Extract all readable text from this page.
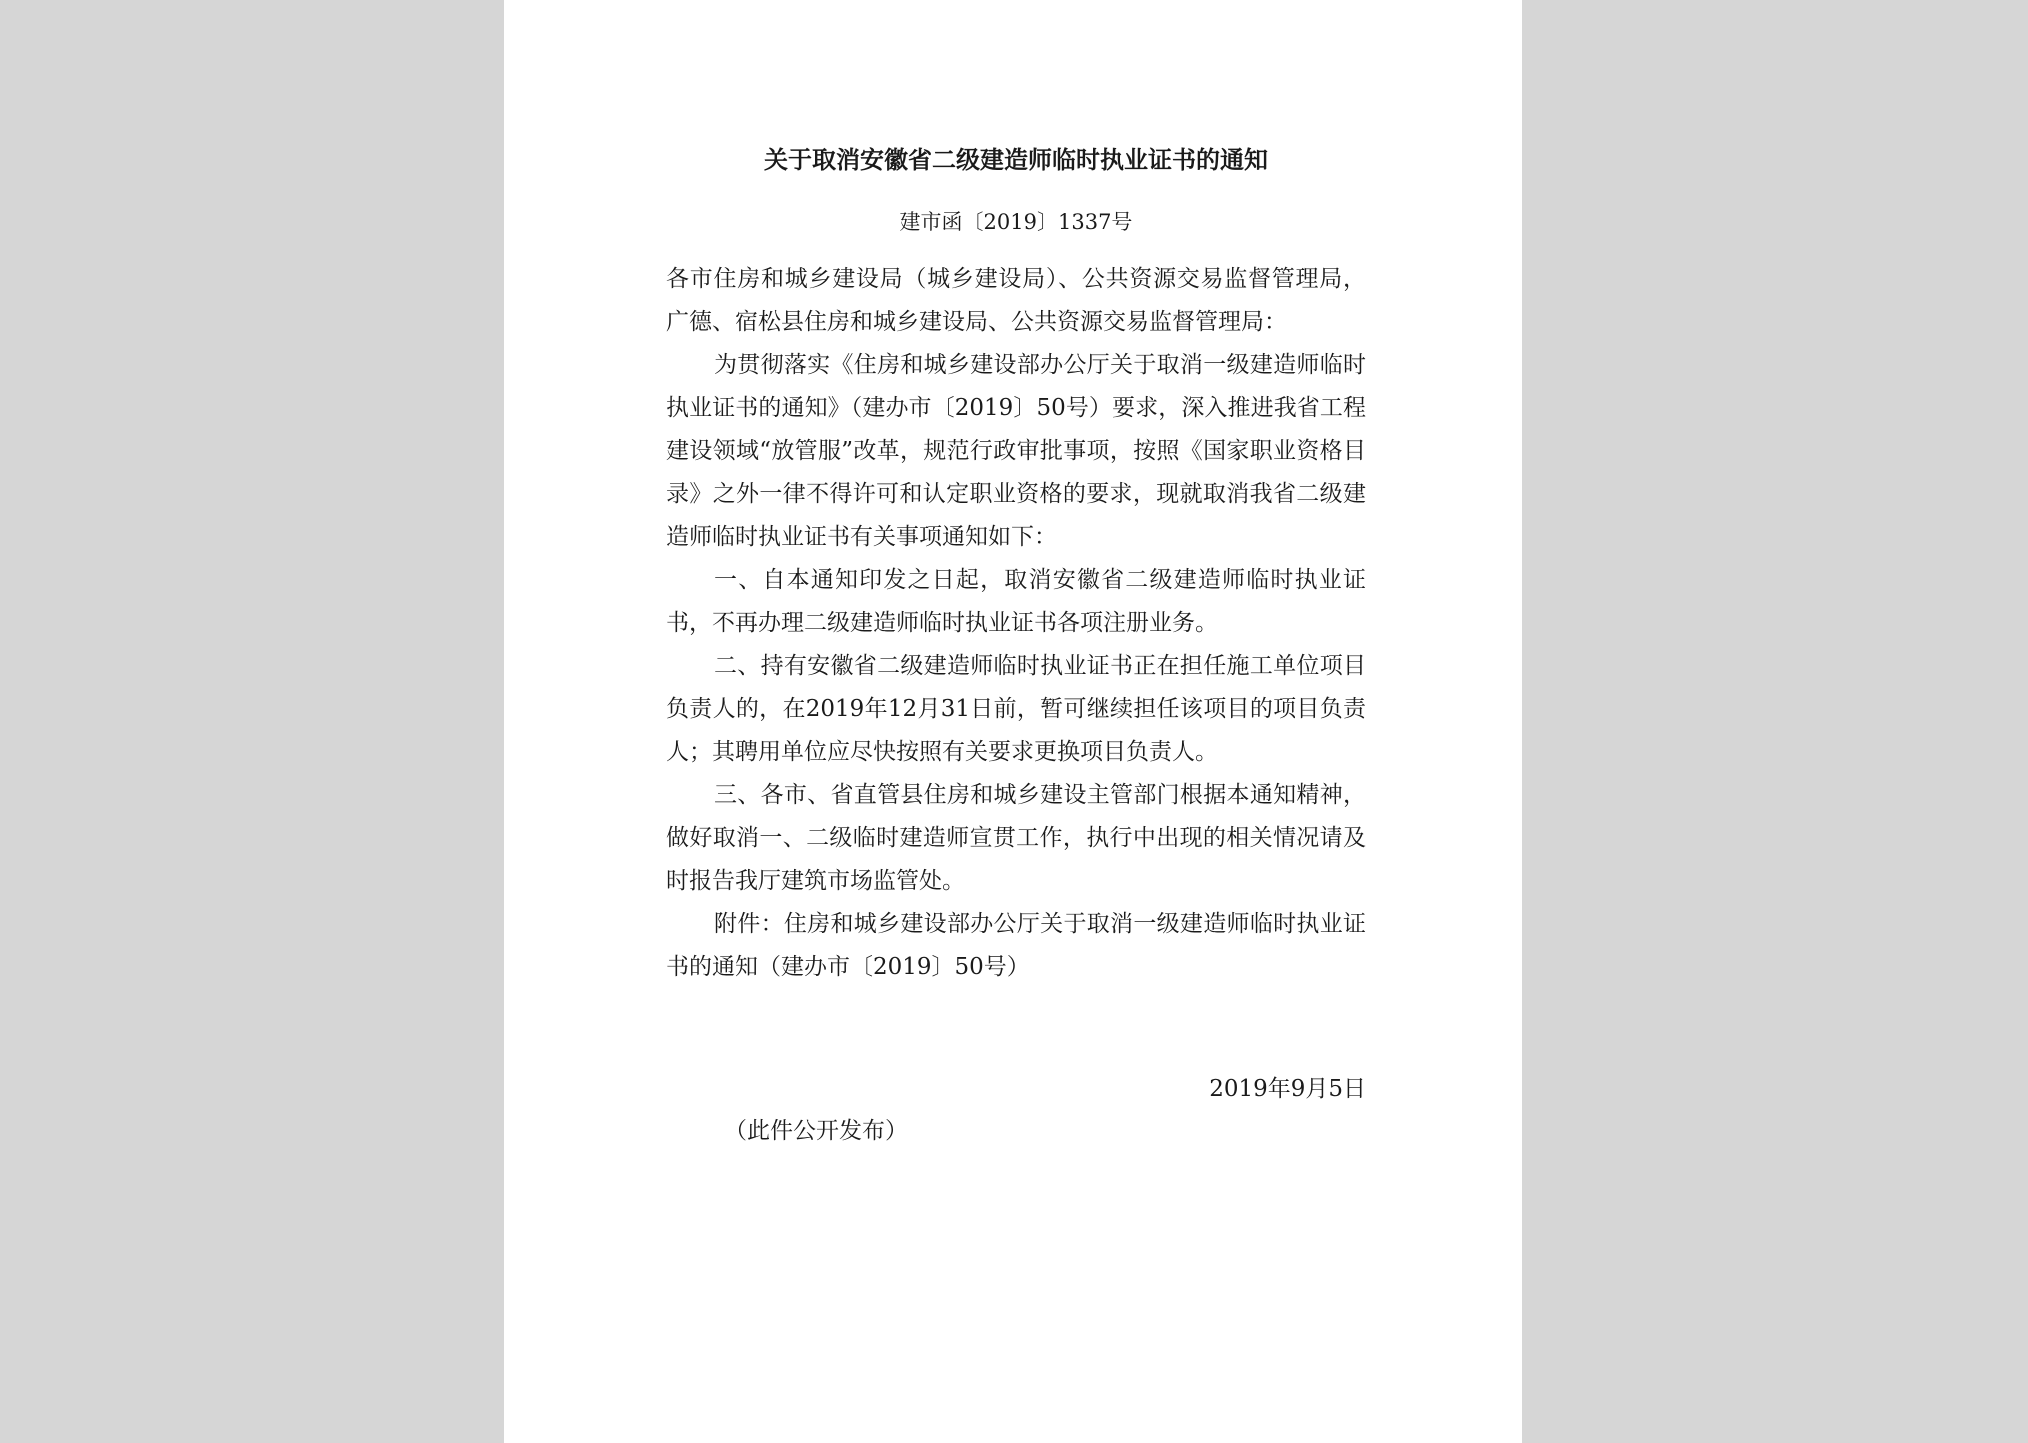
关于取消安徽省二级建造师临时执业证书的通知
建市函〔2019〕1337号

各市住房和城乡建设局（城乡建设局）、公共资源交易监督管理局，广德、宿松县住房和城乡建设局、公共资源交易监督管理局：

为贯彻落实《住房和城乡建设部办公厅关于取消一级建造师临时执业证书的通知》（建办市〔2019〕50号）要求，深入推进我省工程建设领域“放管服”改革，规范行政审批事项，按照《国家职业资格目录》之外一律不得许可和认定职业资格的要求，现就取消我省二级建造师临时执业证书有关事项通知如下：

一、自本通知印发之日起，取消安徽省二级建造师临时执业证书，不再办理二级建造师临时执业证书各项注册业务。

二、持有安徽省二级建造师临时执业证书正在担任施工单位项目负责人的，在2019年12月31日前，暂可继续担任该项目的项目负责人；其聘用单位应尽快按照有关要求更换项目负责人。

三、各市、省直管县住房和城乡建设主管部门根据本通知精神，做好取消一、二级临时建造师宣贯工作，执行中出现的相关情况请及时报告我厅建筑市场监管处。

附件：住房和城乡建设部办公厅关于取消一级建造师临时执业证书的通知（建办市〔2019〕50号）

2019年9月5日
（此件公开发布）
